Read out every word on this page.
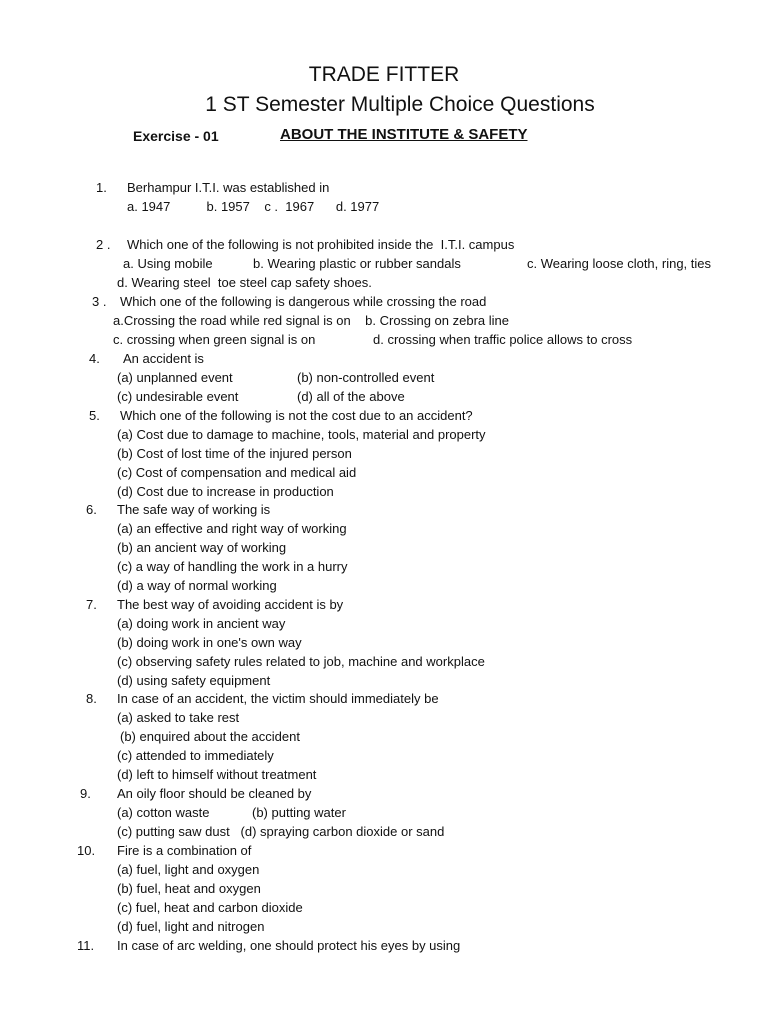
TRADE FITTER
1 ST Semester Multiple Choice Questions
Exercise - 01	ABOUT THE INSTITUTE & SAFETY
1. Berhampur I.T.I. was established in
a. 1947          b. 1957    c .  1967      d. 1977
2 . Which one of the following is not prohibited inside the  I.T.I. campus
a. Using mobile	b. Wearing plastic or rubber sandals	c. Wearing loose cloth, ring, ties
d. Wearing steel  toe steel cap safety shoes.
3 . Which one of the following is dangerous while crossing the road
a.Crossing the road while red signal is on    b. Crossing on zebra line
c. crossing when green signal is on	d. crossing when traffic police allows to cross
4. An accident is
(a) unplanned event	(b) non-controlled event
(c) undesirable event	(d) all of the above
5. Which one of the following is not the cost due to an accident?
(a) Cost due to damage to machine, tools, material and property
(b) Cost of lost time of the injured person
(c) Cost of compensation and medical aid
(d) Cost due to increase in production
6. The safe way of working is
(a) an effective and right way of working
(b) an ancient way of working
(c) a way of handling the work in a hurry
(d) a way of normal working
7. The best way of avoiding accident is by
(a) doing work in ancient way
(b) doing work in one's own way
(c) observing safety rules related to job, machine and workplace
(d) using safety equipment
8. In case of an accident, the victim should immediately be
(a) asked to take rest
(b) enquired about the accident
(c) attended to immediately
(d) left to himself without treatment
9. An oily floor should be cleaned by
(a) cotton waste	(b) putting water
(c) putting saw dust   (d) spraying carbon dioxide or sand
10. Fire is a combination of
(a) fuel, light and oxygen
(b) fuel, heat and oxygen
(c) fuel, heat and carbon dioxide
(d) fuel, light and nitrogen
11. In case of arc welding, one should protect his eyes by using
